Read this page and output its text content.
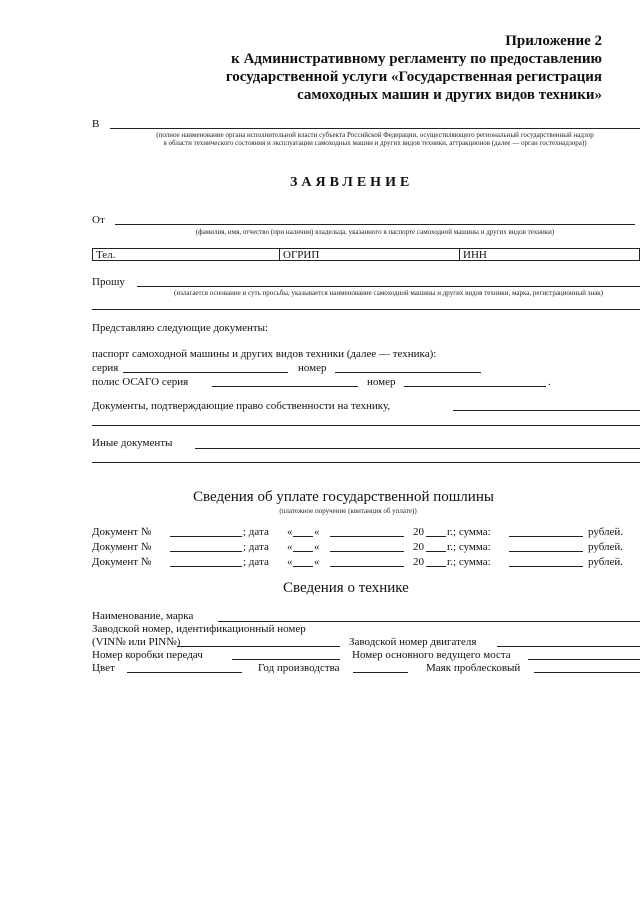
Приложение 2
к Административному регламенту по предоставлению
государственной услуги «Государственная регистрация
самоходных машин и других видов техники»
В
(полное наименование органа исполнительной власти субъекта Российской Федерации, осуществляющего региональный государственный надзор
в области технического состояния и эксплуатации самоходных машин и других видов техники, аттракционов (далее — орган гостехнадзора))
ЗАЯВЛЕНИЕ
От
(фамилия, имя, отчество (при наличии) владельца, указанного в паспорте самоходной машины и других видов техники)
Тел.	ОГРИП	ИНН
Прошу
(излагается основание и суть просьбы, указывается наименование самоходной машины и других видов техники, марка, регистрационный знак)
Представляю следующие документы:
паспорт самоходной машины и других видов техники (далее — техника):
серия	номер
полис ОСАГО серия	номер	.
Документы, подтверждающие право собственности на технику,
Иные документы
Сведения об уплате государственной пошлины
(платежное поручение (квитанция об уплате))
Документ №	; дата « «	20 г.; сумма:	рублей.
Документ №	; дата « «	20 г.; сумма:	рублей.
Документ №	; дата « «	20 г.; сумма:	рублей.
Сведения о технике
Наименование, марка
Заводской номер, идентификационный номер
(VIN№ или PIN№)	Заводской номер двигателя
Номер коробки передач	Номер основного ведущего моста
Цвет	Год производства	Маяк проблесковый
